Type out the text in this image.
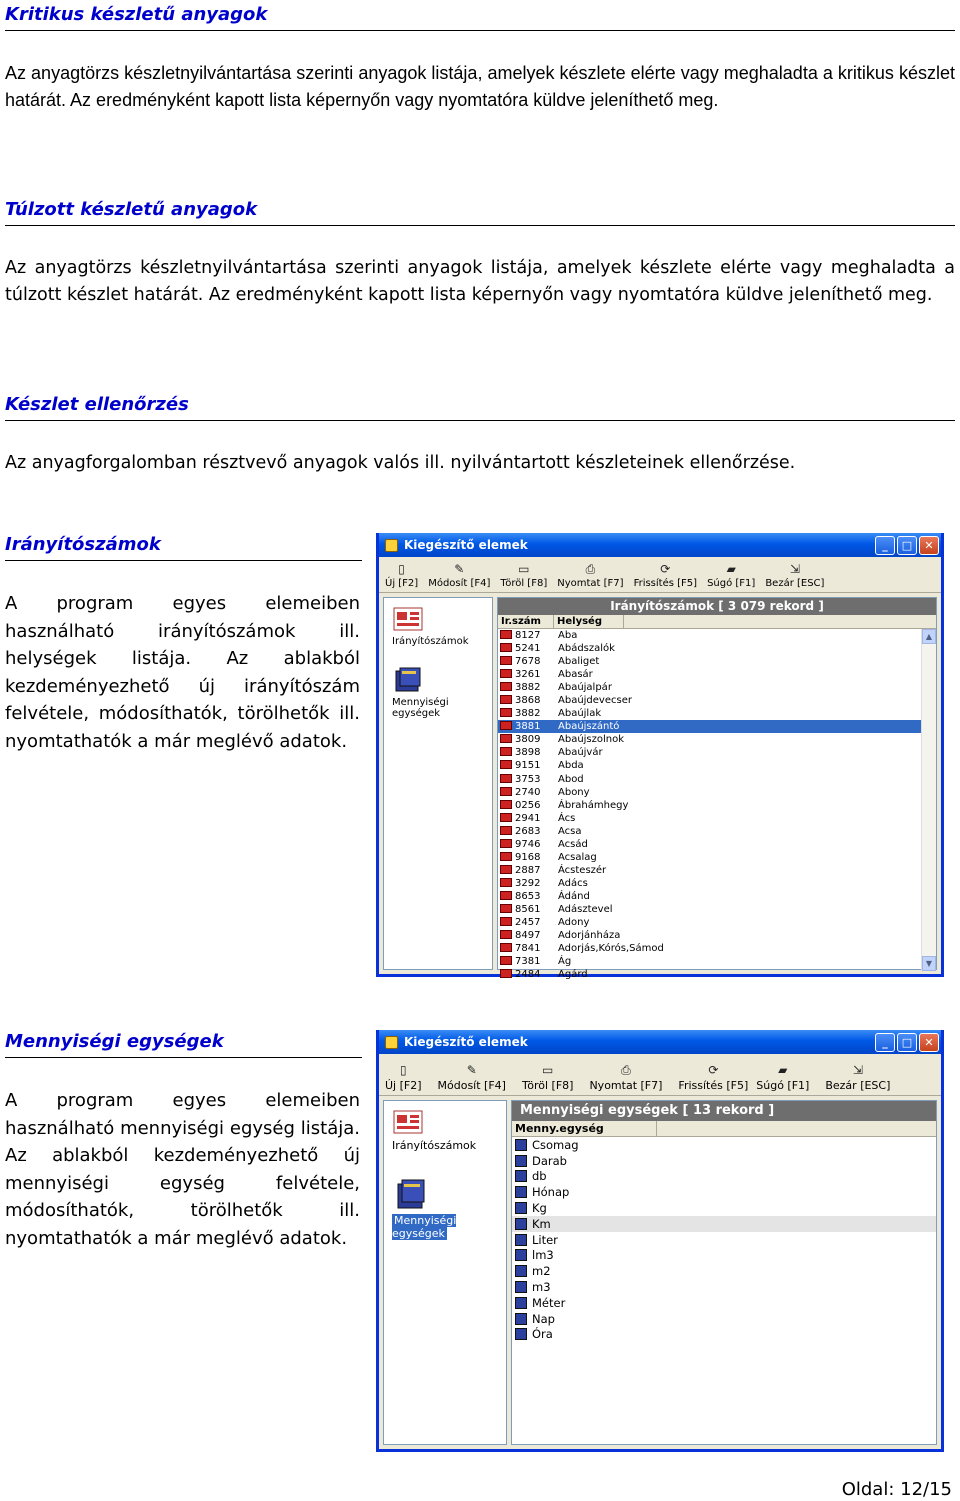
Kritikus készletű anyagok
Az anyagtörzs készletnyilvántartása szerinti anyagok listája, amelyek készlete elérte vagy meghaladta a kritikus készlet határát. Az eredményként kapott lista képernyőn vagy nyomtatóra küldve jeleníthető meg.
Túlzott készletű anyagok
Az anyagtörzs készletnyilvántartása szerinti anyagok listája, amelyek készlete elérte vagy meghaladta a túlzott készlet határát. Az eredményként kapott lista képernyőn vagy nyomtatóra küldve jeleníthető meg.
Készlet ellenőrzés
Az anyagforgalomban résztvevő anyagok valós ill. nyilvántartott készleteinek ellenőrzése.
Irányítószámok
A program egyes elemeiben használható irányítószámok ill. helységek listája. Az ablakból kezdeményezhető új irányítószám felvétele, módosíthatók, törölhetők ill. nyomtathatók a már meglévő adatok.
Kiegészítő elemek	_	□	✕
▯
Új [F2]
✎
Módosít [F4]
▭
Töröl [F8]
⎙
Nyomtat [F7]
⟳
Frissítés [F5]
▰
Súgó [F1]
⇲
Bezár [ESC]
Irányítószámok
Mennyiségi egységek
Irányítószámok [ 3 079 rekord ]
Ir.szám	Helység
8127	Aba
5241	Abádszalók
7678	Abaliget
3261	Abasár
3882	Abaújalpár
3868	Abaújdevecser
3882	Abaújlak
3881	Abaújszántó
3809	Abaújszolnok
3898	Abaújvár
9151	Abda
3753	Abod
2740	Abony
0256	Ábrahámhegy
2941	Ács
2683	Acsa
9746	Acsád
9168	Acsalag
2887	Ácsteszér
3292	Adács
8653	Ádánd
8561	Adásztevel
2457	Adony
8497	Adorjánháza
7841	Adorjás,Kórós,Sámod
7381	Ág
2484	Agárd
▲
▼
Mennyiségi egységek
A program egyes elemeiben használható mennyiségi egység listája. Az ablakból kezdeményezhető új mennyiségi egység felvétele, módosíthatók, törölhetők ill. nyomtathatók a már meglévő adatok.
Kiegészítő elemek	_	□	✕
▯
Új [F2]
✎
Módosít [F4]
▭
Töröl [F8]
⎙
Nyomtat [F7]
⟳
Frissítés [F5]
▰
Súgó [F1]
⇲
Bezár [ESC]
Irányítószámok
Mennyiségi egységek
Mennyiségi egységek [ 13 rekord ]
Menny.egység
Csomag
Darab
db
Hónap
Kg
Km
Liter
lm3
m2
m3
Méter
Nap
Óra
Oldal: 12/15
